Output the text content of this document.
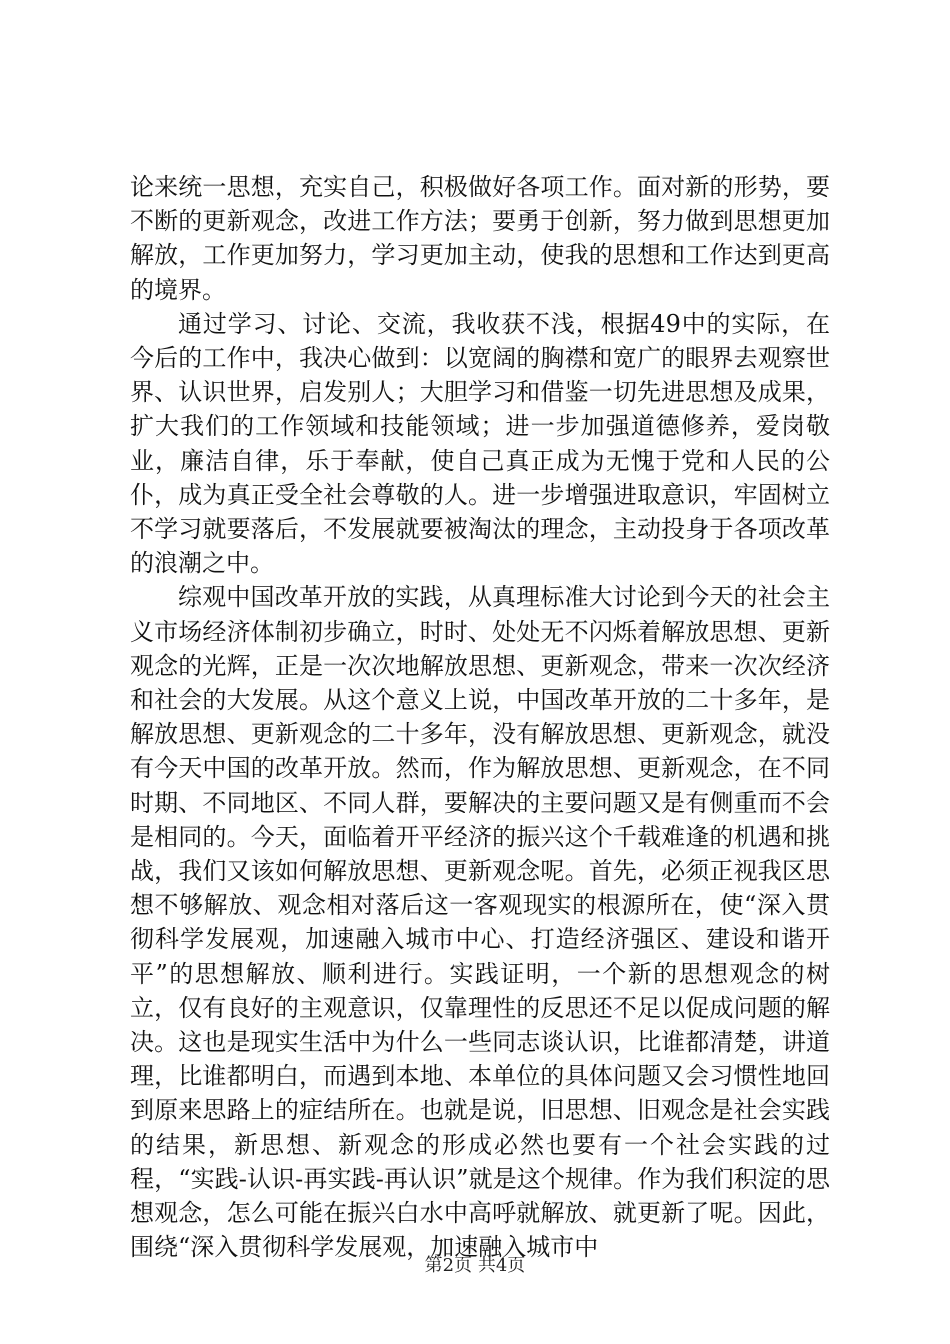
论来统一思想，充实自己，积极做好各项工作。面对新的形势，要不断的更新观念，改进工作方法；要勇于创新，努力做到思想更加解放，工作更加努力，学习更加主动，使我的思想和工作达到更高的境界。

通过学习、讨论、交流，我收获不浅，根据49中的实际，在今后的工作中，我决心做到：以宽阔的胸襟和宽广的眼界去观察世界、认识世界，启发别人；大胆学习和借鉴一切先进思想及成果，扩大我们的工作领域和技能领域；进一步加强道德修养，爱岗敬业，廉洁自律，乐于奉献，使自己真正成为无愧于党和人民的公仆，成为真正受全社会尊敬的人。进一步增强进取意识，牢固树立不学习就要落后，不发展就要被淘汰的理念，主动投身于各项改革的浪潮之中。

综观中国改革开放的实践，从真理标准大讨论到今天的社会主义市场经济体制初步确立，时时、处处无不闪烁着解放思想、更新观念的光辉，正是一次次地解放思想、更新观念，带来一次次经济和社会的大发展。从这个意义上说，中国改革开放的二十多年，是解放思想、更新观念的二十多年，没有解放思想、更新观念，就没有今天中国的改革开放。然而，作为解放思想、更新观念，在不同时期、不同地区、不同人群，要解决的主要问题又是有侧重而不会是相同的。今天，面临着开平经济的振兴这个千载难逢的机遇和挑战，我们又该如何解放思想、更新观念呢。首先，必须正视我区思想不够解放、观念相对落后这一客观现实的根源所在，使“深入贯彻科学发展观，加速融入城市中心、打造经济强区、建设和谐开平”的思想解放、顺利进行。实践证明，一个新的思想观念的树立，仅有良好的主观意识，仅靠理性的反思还不足以促成问题的解决。这也是现实生活中为什么一些同志谈认识，比谁都清楚，讲道理，比谁都明白，而遇到本地、本单位的具体问题又会习惯性地回到原来思路上的症结所在。也就是说，旧思想、旧观念是社会实践的结果，新思想、新观念的形成必然也要有一个社会实践的过程，“实践-认识-再实践-再认识”就是这个规律。作为我们积淀的思想观念，怎么可能在振兴白水中高呼就解放、就更新了呢。因此，围绕“深入贯彻科学发展观，加速融入城市中

第2页 共4页
